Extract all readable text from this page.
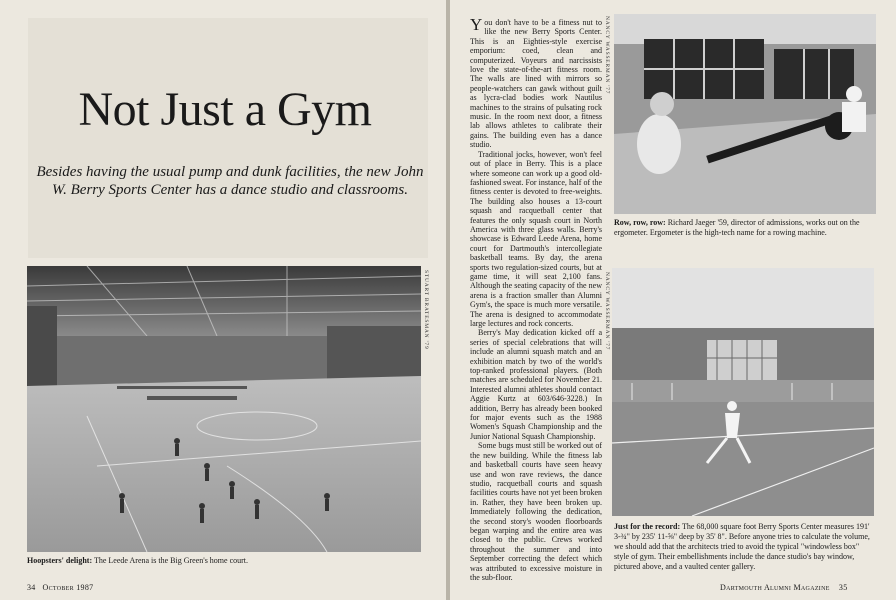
Not Just a Gym

Besides having the usual pump and dunk facilities, the new John W. Berry Sports Center has a dance studio and classrooms.

STUART BRATESMAN '79

Hoopsters' delight: The Leede Arena is the Big Green's home court.

34 October 1987

You don't have to be a fitness nut to like the new Berry Sports Center. This is an Eighties-style exercise emporium: coed, clean and computerized. Voyeurs and narcissists love the state-of-the-art fitness room. The walls are lined with mirrors so people-watchers can gawk without guilt as lycra-clad bodies work Nautilus machines to the strains of pulsating rock music. In the room next door, a fitness lab allows athletes to calibrate their gains. The building even has a dance studio.

Traditional jocks, however, won't feel out of place in Berry. This is a place where someone can work up a good old-fashioned sweat. For instance, half of the fitness center is devoted to free-weights. The building also houses a 13-court squash and racquetball center that features the only squash court in North America with three glass walls. Berry's showcase is Edward Leede Arena, home court for Dartmouth's intercollegiate basketball teams. By day, the arena sports two regulation-sized courts, but at game time, it will seat 2,100 fans. Although the seating capacity of the new arena is a fraction smaller than Alumni Gym's, the space is much more versatile. The arena is designed to accommodate large lectures and rock concerts.

Berry's May dedication kicked off a series of special celebrations that will include an alumni squash match and an exhibition match by two of the world's top-ranked professional players. (Both matches are scheduled for November 21. Interested alumni athletes should contact Aggie Kurtz at 603/646-3228.) In addition, Berry has already been booked for major events such as the 1988 Women's Squash Championship and the Junior National Squash Championship.

Some bugs must still be worked out of the new building. While the fitness lab and basketball courts have seen heavy use and won rave reviews, the dance studio, racquetball courts and squash facilities courts have not yet been broken in. Rather, they have been broken up. Immediately following the dedication, the second story's wooden floorboards began warping and the entire area was closed to the public. Crews worked throughout the summer and into September correcting the defect which was attributed to excessive moisture in the sub-floor.

NANCY WASSERMAN '77

Row, row, row: Richard Jaeger '59, director of admissions, works out on the ergometer. Ergometer is the high-tech name for a rowing machine.

NANCY WASSERMAN '77

Just for the record: The 68,000 square foot Berry Sports Center measures 191' 3-¾" by 235' 11-⅝" deep by 35' 8". Before anyone tries to calculate the volume, we should add that the architects tried to avoid the typical "windowless box" style of gym. Their embellishments include the dance studio's bay window, pictured above, and a vaulted center gallery.

Dartmouth Alumni Magazine 35
